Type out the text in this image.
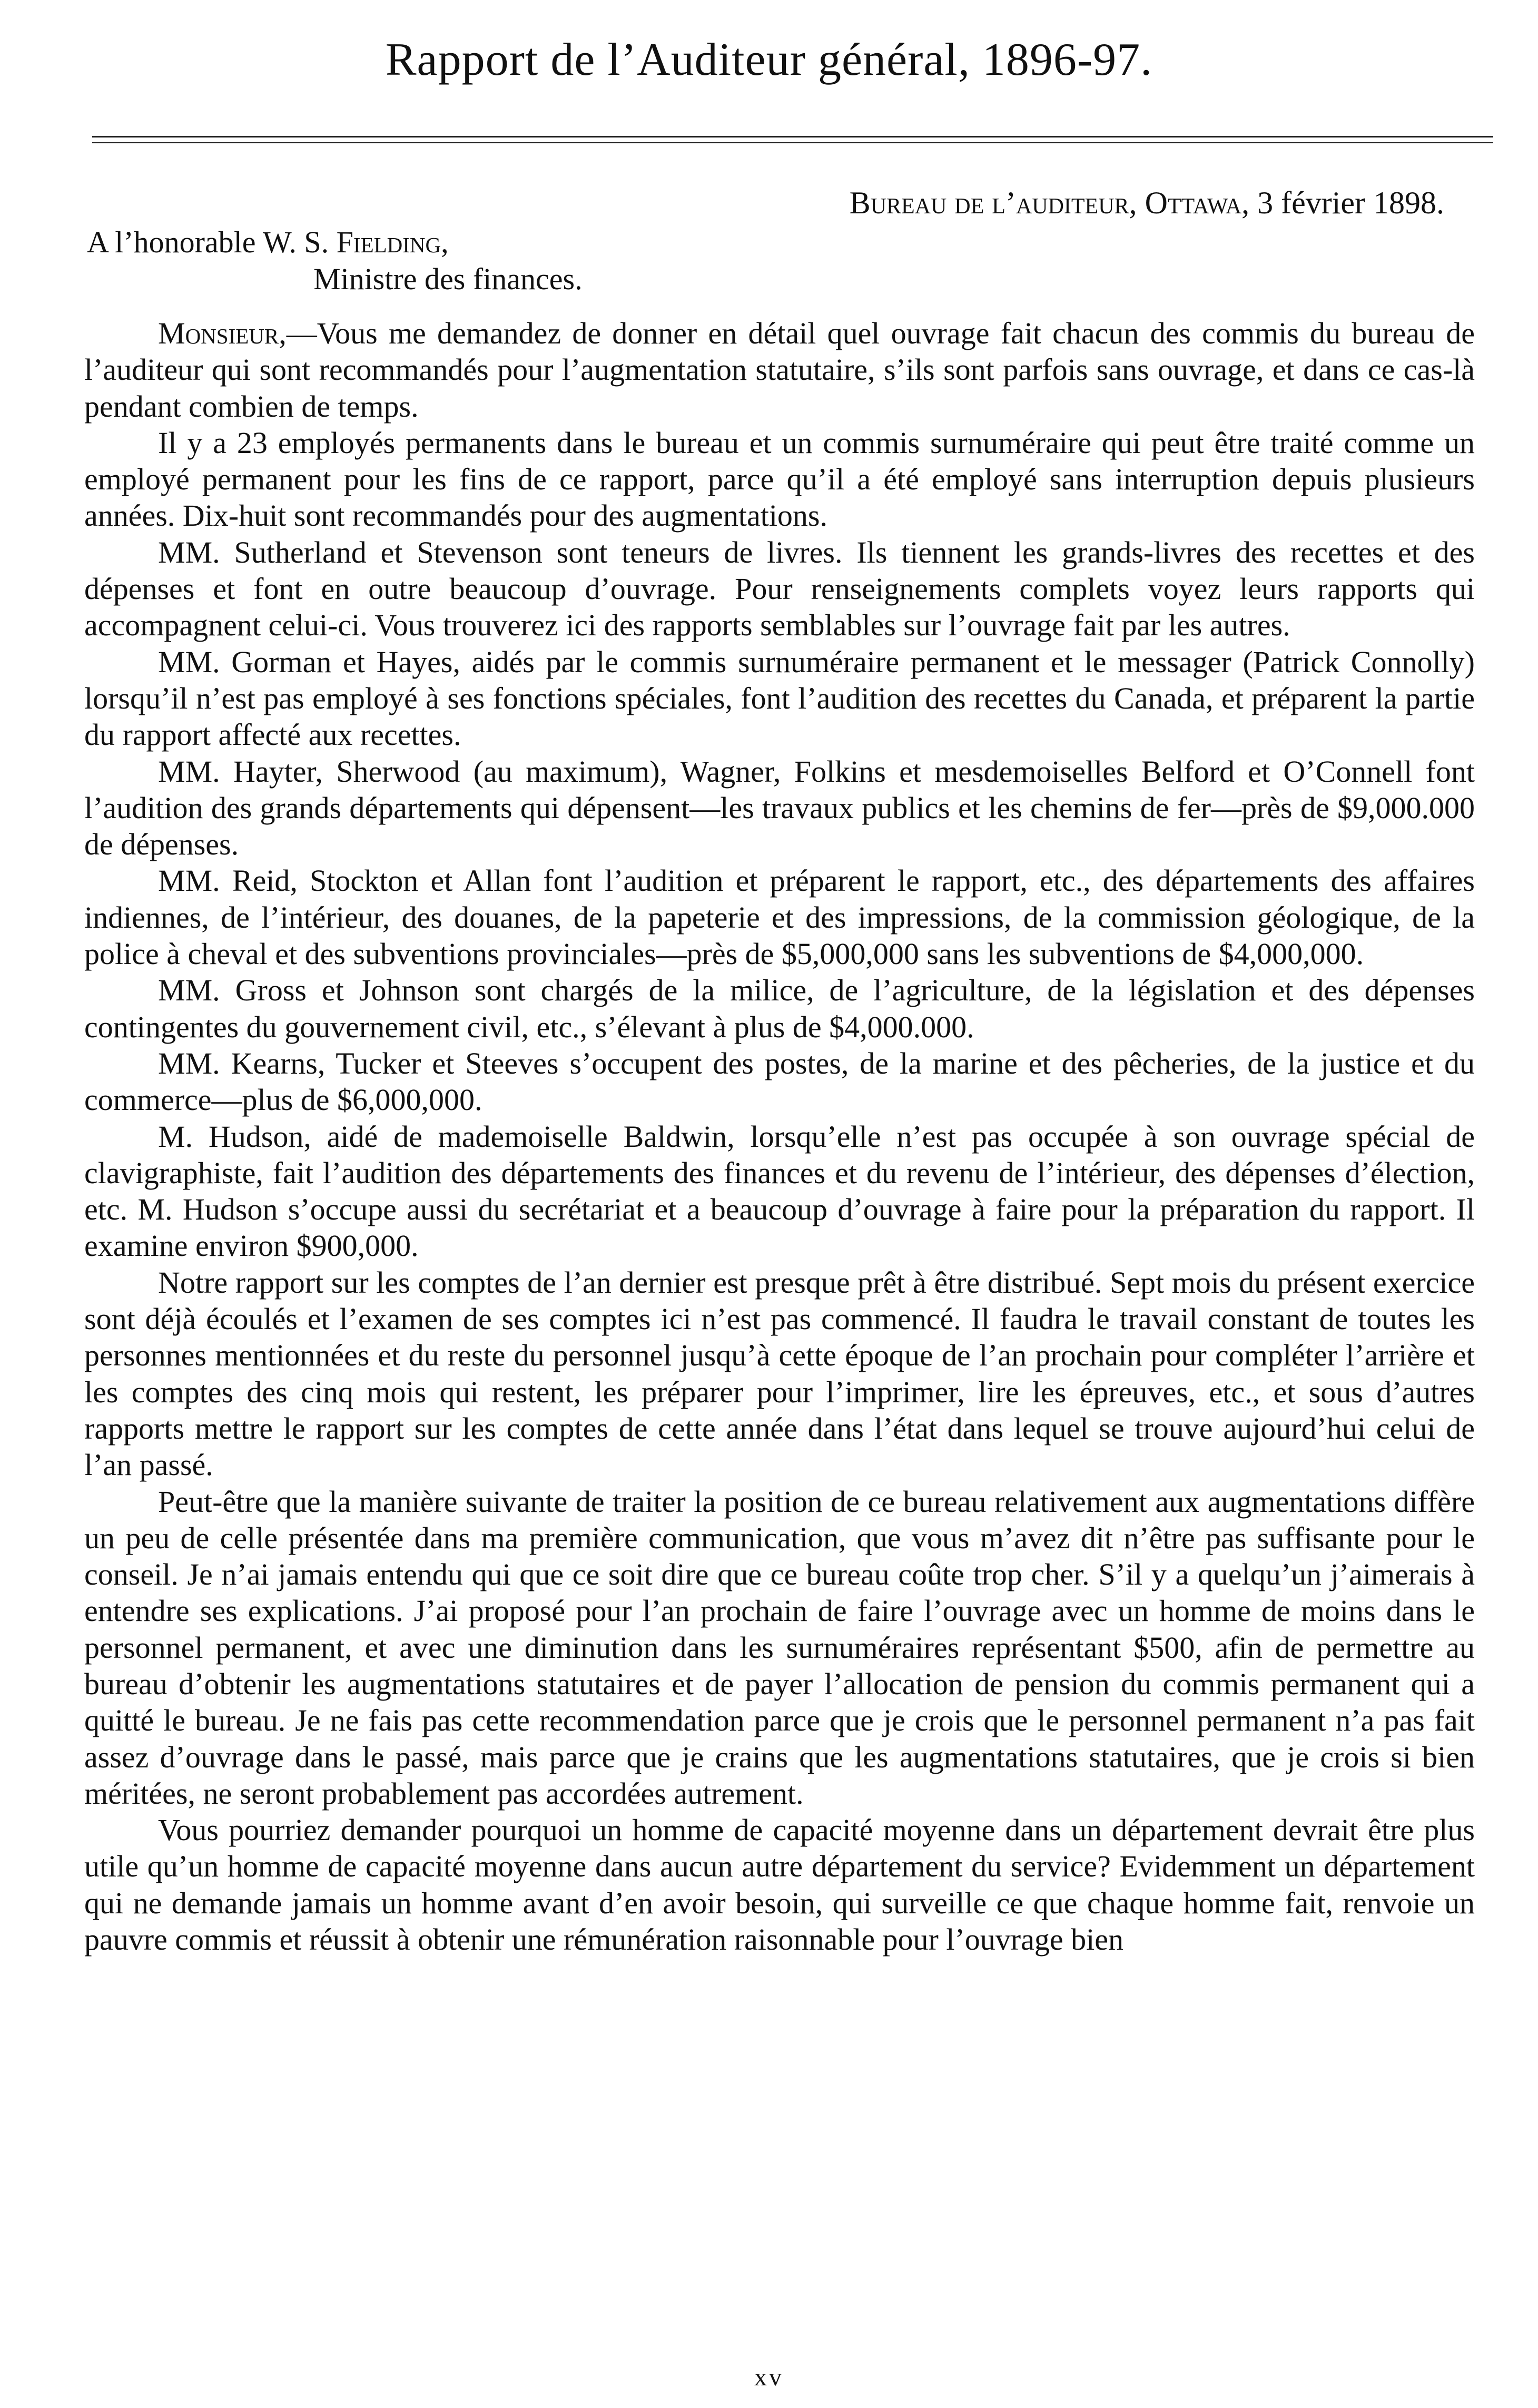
Rapport de l’Auditeur général, 1896-97.
Bureau de l’auditeur, Ottawa, 3 février 1898.
A l’honorable W. S. Fielding,
Ministre des finances.

Monsieur,—Vous me demandez de donner en détail quel ouvrage fait chacun des commis du bureau de l’auditeur qui sont recommandés pour l’augmentation statutaire, s’ils sont parfois sans ouvrage, et dans ce cas-là pendant combien de temps.

Il y a 23 employés permanents dans le bureau et un commis surnuméraire qui peut être traité comme un employé permanent pour les fins de ce rapport, parce qu’il a été employé sans interruption depuis plusieurs années. Dix-huit sont recommandés pour des augmentations.

MM. Sutherland et Stevenson sont teneurs de livres. Ils tiennent les grands-livres des recettes et des dépenses et font en outre beaucoup d’ouvrage. Pour renseignements complets voyez leurs rapports qui accompagnent celui-ci. Vous trouverez ici des rapports semblables sur l’ouvrage fait par les autres.

MM. Gorman et Hayes, aidés par le commis surnuméraire permanent et le messager (Patrick Connolly) lorsqu’il n’est pas employé à ses fonctions spéciales, font l’audition des recettes du Canada, et préparent la partie du rapport affecté aux recettes.

MM. Hayter, Sherwood (au maximum), Wagner, Folkins et mesdemoiselles Belford et O’Connell font l’audition des grands départements qui dépensent—les travaux publics et les chemins de fer—près de $9,000.000 de dépenses.

MM. Reid, Stockton et Allan font l’audition et préparent le rapport, etc., des départements des affaires indiennes, de l’intérieur, des douanes, de la papeterie et des impressions, de la commission géologique, de la police à cheval et des subventions provinciales—près de $5,000,000 sans les subventions de $4,000,000.

MM. Gross et Johnson sont chargés de la milice, de l’agriculture, de la législation et des dépenses contingentes du gouvernement civil, etc., s’élevant à plus de $4,000.000.

MM. Kearns, Tucker et Steeves s’occupent des postes, de la marine et des pêcheries, de la justice et du commerce—plus de $6,000,000.

M. Hudson, aidé de mademoiselle Baldwin, lorsqu’elle n’est pas occupée à son ouvrage spécial de clavigraphiste, fait l’audition des départements des finances et du revenu de l’intérieur, des dépenses d’élection, etc. M. Hudson s’occupe aussi du secrétariat et a beaucoup d’ouvrage à faire pour la préparation du rapport. Il examine environ $900,000.

Notre rapport sur les comptes de l’an dernier est presque prêt à être distribué. Sept mois du présent exercice sont déjà écoulés et l’examen de ses comptes ici n’est pas commencé. Il faudra le travail constant de toutes les personnes mentionnées et du reste du personnel jusqu’à cette époque de l’an prochain pour compléter l’arrière et les comptes des cinq mois qui restent, les préparer pour l’imprimer, lire les épreuves, etc., et sous d’autres rapports mettre le rapport sur les comptes de cette année dans l’état dans lequel se trouve aujourd’hui celui de l’an passé.

Peut-être que la manière suivante de traiter la position de ce bureau relativement aux augmentations diffère un peu de celle présentée dans ma première communication, que vous m’avez dit n’être pas suffisante pour le conseil. Je n’ai jamais entendu qui que ce soit dire que ce bureau coûte trop cher. S’il y a quelqu’un j’aimerais à entendre ses explications. J’ai proposé pour l’an prochain de faire l’ouvrage avec un homme de moins dans le personnel permanent, et avec une diminution dans les surnuméraires représentant $500, afin de permettre au bureau d’obtenir les augmentations statutaires et de payer l’allocation de pension du commis permanent qui a quitté le bureau. Je ne fais pas cette recommendation parce que je crois que le personnel permanent n’a pas fait assez d’ouvrage dans le passé, mais parce que je crains que les augmentations statutaires, que je crois si bien méritées, ne seront probablement pas accordées autrement.

Vous pourriez demander pourquoi un homme de capacité moyenne dans un département devrait être plus utile qu’un homme de capacité moyenne dans aucun autre département du service? Evidemment un département qui ne demande jamais un homme avant d’en avoir besoin, qui surveille ce que chaque homme fait, renvoie un pauvre commis et réussit à obtenir une rémunération raisonnable pour l’ouvrage bien

xv
